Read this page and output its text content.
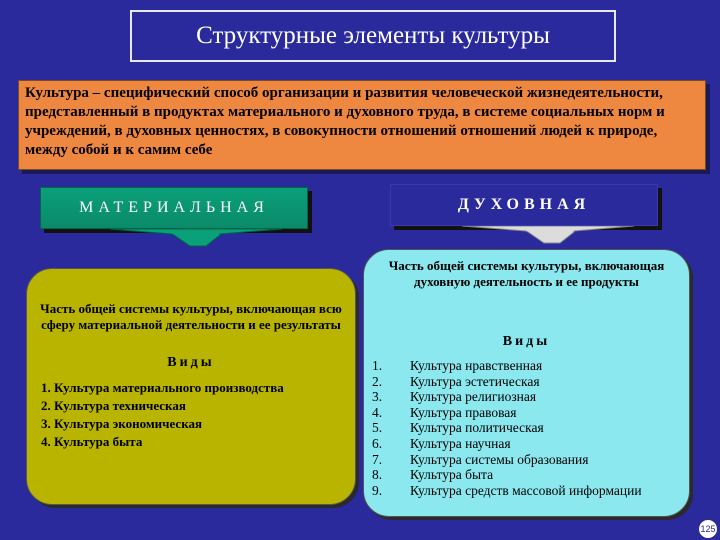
Структурные элементы культуры
Культура – специфический способ организации и развития человеческой жизнедеятельности, представленный в продуктах материального и духовного труда, в системе социальных норм и учреждений, в духовных ценностях, в совокупности отношений отношений людей к природе, между собой и к самим себе
МАТЕРИАЛЬНАЯ	ДУХОВНАЯ
Часть общей системы культуры, включающая всю сферу материальной деятельности и ее результаты
Виды
1. Культура материального производства
2. Культура техническая
3. Культура экономическая
4. Культура быта
Часть общей системы культуры, включающая духовную деятельность и ее продукты
Виды
1.	Культура нравственная
2.	Культура эстетическая
3.	Культура религиозная
4.	Культура правовая
5.	Культура политическая
6.	Культура научная
7.	Культура системы образования
8.	Культура быта
9.	Культура средств массовой информации
125
